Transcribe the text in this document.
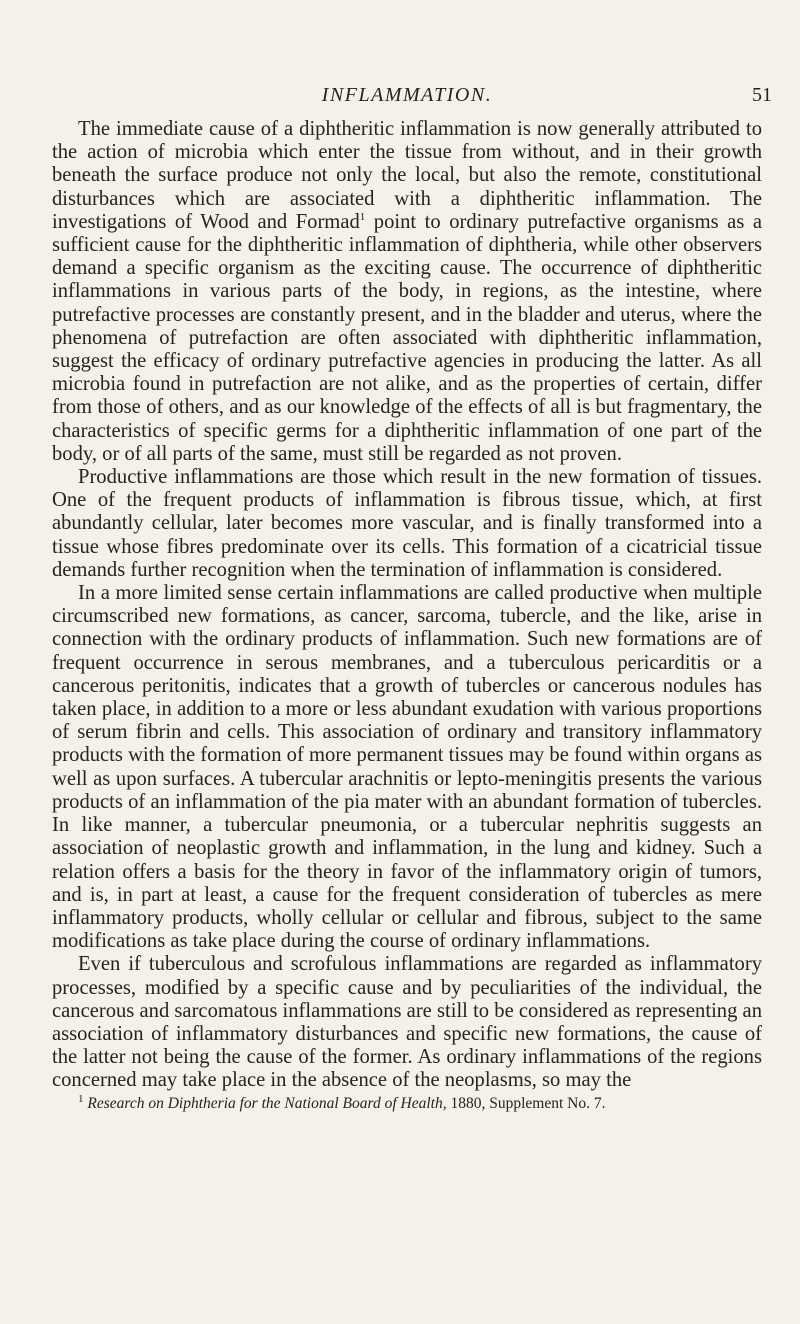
INFLAMMATION.	51

The immediate cause of a diphtheritic inflammation is now generally attributed to the action of microbia which enter the tissue from without, and in their growth beneath the surface produce not only the local, but also the remote, constitutional disturbances which are associated with a diphtheritic inflammation. The investigations of Wood and Formad$^1$ point to ordinary putrefactive organisms as a sufficient cause for the diphtheritic inflammation of diphtheria, while other observers demand a specific organism as the exciting cause. The occurrence of diphtheritic inflammations in various parts of the body, in regions, as the intestine, where putrefactive processes are constantly present, and in the bladder and uterus, where the phenomena of putrefaction are often associated with diphtheritic inflammation, suggest the efficacy of ordinary putrefactive agencies in producing the latter. As all microbia found in putrefaction are not alike, and as the properties of certain, differ from those of others, and as our knowledge of the effects of all is but fragmentary, the characteristics of specific germs for a diphtheritic inflammation of one part of the body, or of all parts of the same, must still be regarded as not proven.

Productive inflammations are those which result in the new formation of tissues. One of the frequent products of inflammation is fibrous tissue, which, at first abundantly cellular, later becomes more vascular, and is finally transformed into a tissue whose fibres predominate over its cells. This formation of a cicatricial tissue demands further recognition when the termination of inflammation is considered.

In a more limited sense certain inflammations are called productive when multiple circumscribed new formations, as cancer, sarcoma, tubercle, and the like, arise in connection with the ordinary products of inflammation. Such new formations are of frequent occurrence in serous membranes, and a tuberculous pericarditis or a cancerous peritonitis, indicates that a growth of tubercles or cancerous nodules has taken place, in addition to a more or less abundant exudation with various proportions of serum fibrin and cells. This association of ordinary and transitory inflammatory products with the formation of more permanent tissues may be found within organs as well as upon surfaces. A tubercular arachnitis or lepto-meningitis presents the various products of an inflammation of the pia mater with an abundant formation of tubercles. In like manner, a tubercular pneumonia, or a tubercular nephritis suggests an association of neoplastic growth and inflammation, in the lung and kidney. Such a relation offers a basis for the theory in favor of the inflammatory origin of tumors, and is, in part at least, a cause for the frequent consideration of tubercles as mere inflammatory products, wholly cellular or cellular and fibrous, subject to the same modifications as take place during the course of ordinary inflammations.

Even if tuberculous and scrofulous inflammations are regarded as inflammatory processes, modified by a specific cause and by peculiarities of the individual, the cancerous and sarcomatous inflammations are still to be considered as representing an association of inflammatory disturbances and specific new formations, the cause of the latter not being the cause of the former. As ordinary inflammations of the regions concerned may take place in the absence of the neoplasms, so may the

$^1$ Research on Diphtheria for the National Board of Health, 1880, Supplement No. 7.
